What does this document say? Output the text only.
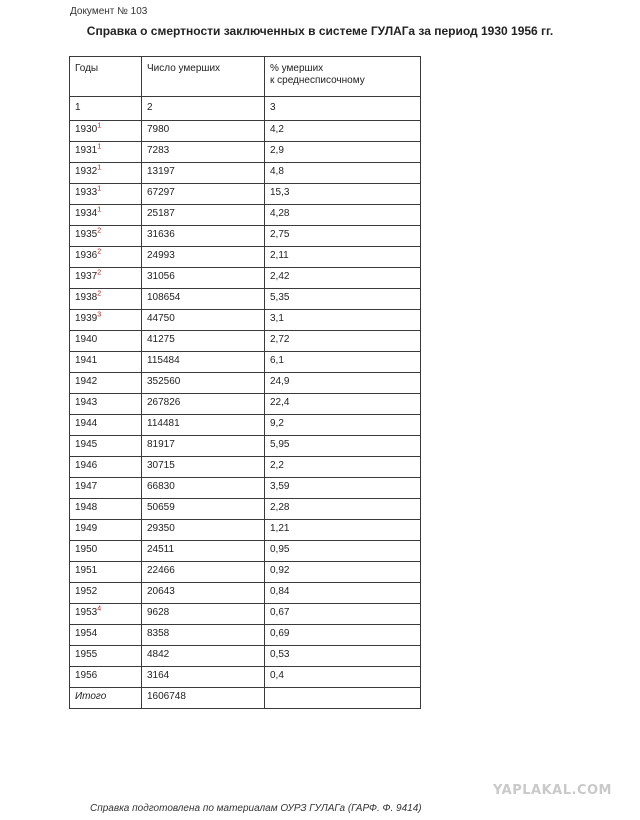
Документ № 103
Справка о смертности заключенных в системе ГУЛАГа за период 1930 1956 гг.
Годы	Число умерших	% умерших
к среднесписочному
1	2	3
1930$^1$	7980	4,2
1931$^1$	7283	2,9
1932$^1$	13197	4,8
1933$^1$	67297	15,3
1934$^1$	25187	4,28
1935$^2$	31636	2,75
1936$^2$	24993	2,11
1937$^2$	31056	2,42
1938$^2$	108654	5,35
1939$^3$	44750	3,1
1940	41275	2,72
1941	115484	6,1
1942	352560	24,9
1943	267826	22,4
1944	114481	9,2
1945	81917	5,95
1946	30715	2,2
1947	66830	3,59
1948	50659	2,28
1949	29350	1,21
1950	24511	0,95
1951	22466	0,92
1952	20643	0,84
1953$^4$	9628	0,67
1954	8358	0,69
1955	4842	0,53
1956	3164	0,4
Итого	1606748	
Справка подготовлена по материалам ОУРЗ ГУЛАГа (ГАРФ. Ф. 9414)
YAPLAKAL.COM
